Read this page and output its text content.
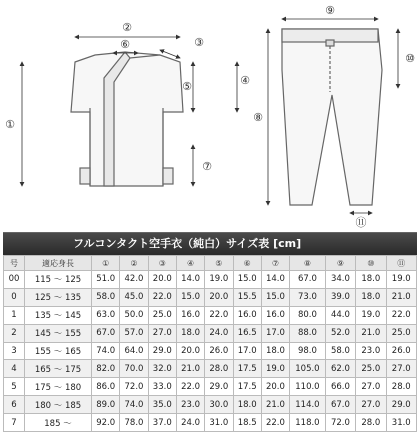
②
⑥	③
⑤	④
①
⑦
⑨
⑩
⑧
⑪
フルコンタクト空手衣（純白）サイズ表 [cm]
号	適応身長	①	②	③	④	⑤	⑥	⑦	⑧	⑨	⑩	⑪
00	115 ～ 125	51.0	42.0	20.0	14.0	19.0	15.0	14.0	67.0	34.0	18.0	19.0
0	125 ～ 135	58.0	45.0	22.0	15.0	20.0	15.5	15.0	73.0	39.0	18.0	21.0
1	135 ～ 145	63.0	50.0	25.0	16.0	22.0	16.0	16.0	80.0	44.0	19.0	22.0
2	145 ～ 155	67.0	57.0	27.0	18.0	24.0	16.5	17.0	88.0	52.0	21.0	25.0
3	155 ～ 165	74.0	64.0	29.0	20.0	26.0	17.0	18.0	98.0	58.0	23.0	26.0
4	165 ～ 175	82.0	70.0	32.0	21.0	28.0	17.5	19.0	105.0	62.0	25.0	27.0
5	175 ～ 180	86.0	72.0	33.0	22.0	29.0	17.5	20.0	110.0	66.0	27.0	28.0
6	180 ～ 185	89.0	74.0	35.0	23.0	30.0	18.0	21.0	114.0	67.0	27.0	29.0
7	185 ～	92.0	78.0	37.0	24.0	31.0	18.5	22.0	118.0	72.0	28.0	31.0
